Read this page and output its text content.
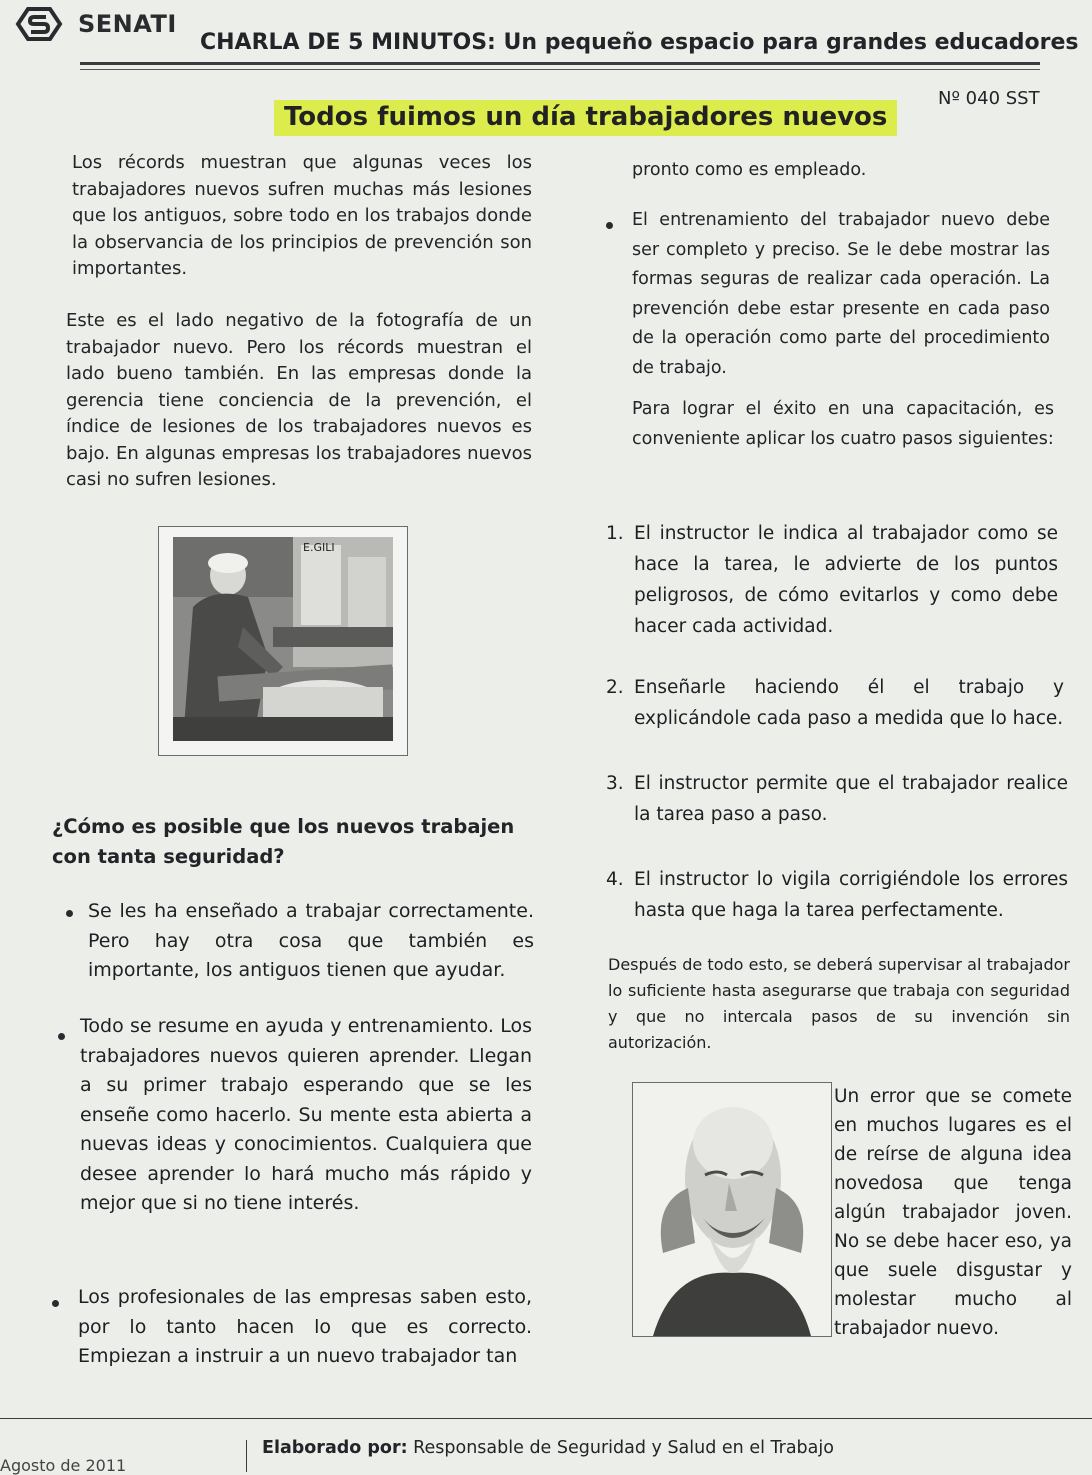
SENATI
CHARLA DE 5 MINUTOS: Un pequeño espacio para grandes educadores
Nº 040 SST
Todos fuimos un día trabajadores nuevos
Los récords muestran que algunas veces los trabajadores nuevos sufren muchas más lesiones que los antiguos, sobre todo en los trabajos donde la observancia de los principios de prevención son importantes.
Este es el lado negativo de la fotografía de un trabajador nuevo. Pero los récords muestran el lado bueno también. En las empresas donde la gerencia tiene conciencia de la prevención, el índice de lesiones de los trabajadores nuevos es bajo. En algunas empresas los trabajadores nuevos casi no sufren lesiones.
E.GILI
¿Cómo es posible que los nuevos trabajen con tanta seguridad?
Se les ha enseñado a trabajar correctamente. Pero hay otra cosa que también es importante, los antiguos tienen que ayudar.
Todo se resume en ayuda y entrenamiento. Los trabajadores nuevos quieren aprender. Llegan a su primer trabajo esperando que se les enseñe como hacerlo. Su mente esta abierta a nuevas ideas y conocimientos. Cualquiera que desee aprender lo hará mucho más rápido y mejor que si no tiene interés.
Los profesionales de las empresas saben esto, por lo tanto hacen lo que es correcto. Empiezan a instruir a un nuevo trabajador tan
pronto como es empleado.
El entrenamiento del trabajador nuevo debe ser completo y preciso. Se le debe mostrar las formas seguras de realizar cada operación. La prevención debe estar presente en cada paso de la operación como parte del procedimiento de trabajo.
Para lograr el éxito en una capacitación, es conveniente aplicar los cuatro pasos siguientes:
1. El instructor le indica al trabajador como se hace la tarea, le advierte de los puntos peligrosos, de cómo evitarlos y como debe hacer cada actividad.
2. Enseñarle haciendo él el trabajo y explicándole cada paso a medida que lo hace.
3. El instructor permite que el trabajador realice la tarea paso a paso.
4. El instructor lo vigila corrigiéndole los errores hasta que haga la tarea perfectamente.
Después de todo esto, se deberá supervisar al trabajador lo suficiente hasta asegurarse que trabaja con seguridad y que no intercala pasos de su invención sin autorización.
Un error que se comete en muchos lugares es el de reírse de alguna idea novedosa que tenga algún trabajador joven. No se debe hacer eso, ya que suele disgustar y molestar mucho al trabajador nuevo.
Agosto de 2011
Elaborado por: Responsable de Seguridad y Salud en el Trabajo
